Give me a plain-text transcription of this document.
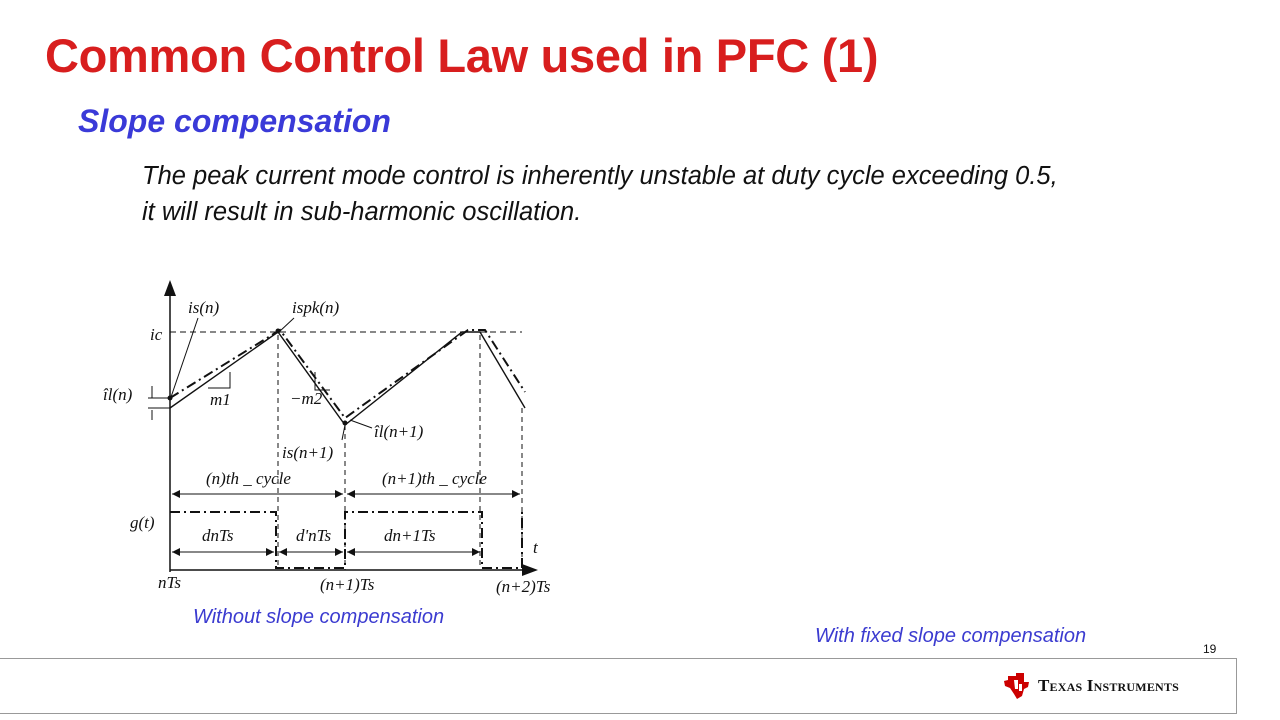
Common Control Law used in PFC (1)
Slope compensation
The peak current mode control is inherently unstable at duty cycle exceeding 0.5,
it will result in sub-harmonic oscillation.
is(n)	ispk(n)
ic
îl(n)	m1	−m2
îl(n+1)
is(n+1)
(n)th _ cycle	(n+1)th _ cycle
g(t)
dnTs	d'nTs	dn+1Ts
t
nTs	(n+1)Ts	(n+2)Ts
Without slope compensation
With fixed slope compensation
19
Texas Instruments
